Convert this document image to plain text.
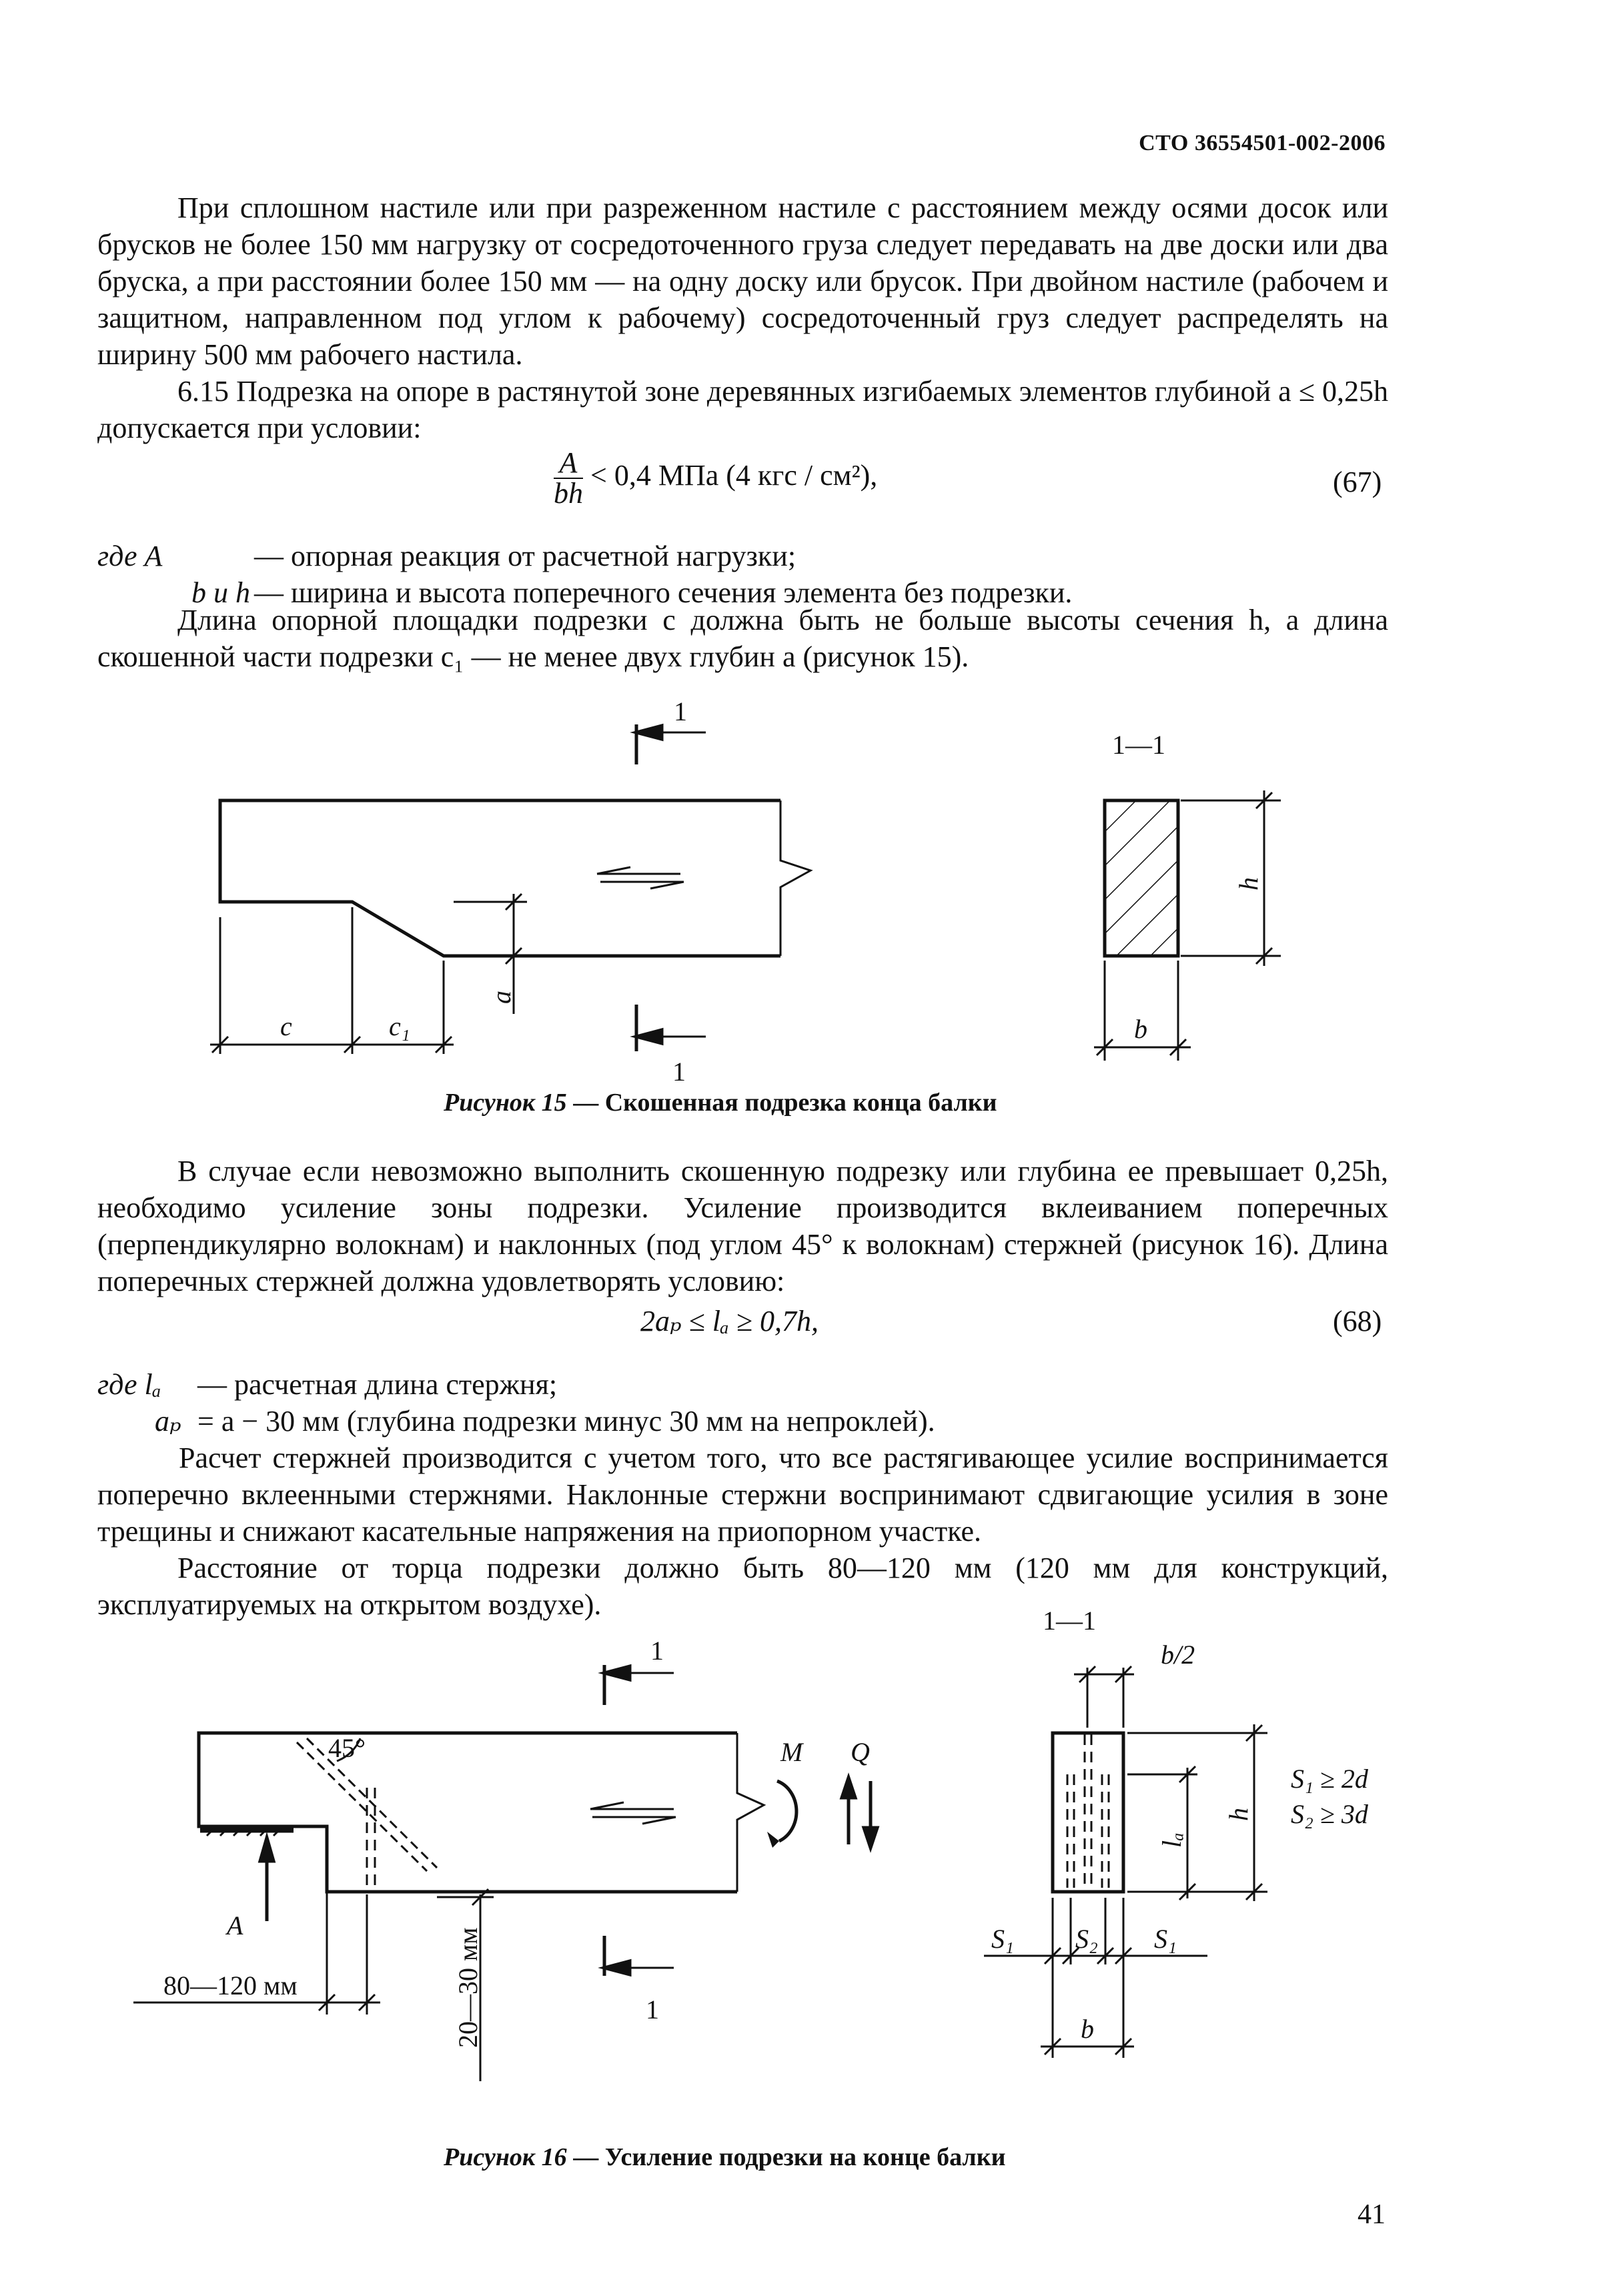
СТО 36554501-002-2006

При сплошном настиле или при разреженном настиле с расстоянием между осями досок или брусков не более 150 мм нагрузку от сосредоточенного груза следует передавать на две доски или два бруска, а при расстоянии более 150 мм — на одну доску или брусок. При двойном настиле (рабочем и защитном, направленном под углом к рабочему) сосредоточенный груз следует распределять на ширину 500 мм рабочего настила.

6.15 Подрезка на опоре в растянутой зоне деревянных изгибаемых элементов глубиной a ≤ 0,25h допускается при условии:

$\frac{A}{bh} < 0,4$ МПа (4 кгс / см²),	(67)
где A	— опорная реакция от расчетной нагрузки;
b и h — ширина и высота поперечного сечения элемента без подрезки.

Длина опорной площадки подрезки c должна быть не больше высоты сечения h, а длина скошенной части подрезки c₁ — не менее двух глубин a (рисунок 15).

1
c	c₁
a
1
1—1
h
b
Рисунок 15 — Скошенная подрезка конца балки

В случае если невозможно выполнить скошенную подрезку или глубина ее превышает 0,25h, необходимо усиление зоны подрезки. Усиление производится вклеиванием поперечных (перпендикулярно волокнам) и наклонных (под углом 45° к волокнам) стержней (рисунок 16). Длина поперечных стержней должна удовлетворять условию:

2aₚ ≤ lₐ ≥ 0,7h,	(68)
где lₐ — расчетная длина стержня;
aₚ = a − 30 мм (глубина подрезки минус 30 мм на непроклей).

Расчет стержней производится с учетом того, что все растягивающее усилие воспринимается поперечно вклеенными стержнями. Наклонные стержни воспринимают сдвигающие усилия в зоне трещины и снижают касательные напряжения на приопорном участке.

Расстояние от торца подрезки должно быть 80—120 мм (120 мм для конструкций, эксплуатируемых на открытом воздухе).

1
45°	M Q
A
80—120 мм	20—30 мм	1
1—1
b/2
h
lₐ
S₁ S₂ S₁
b
S₁ ≥ 2d
S₂ ≥ 3d
Рисунок 16 — Усиление подрезки на конце балки
41
